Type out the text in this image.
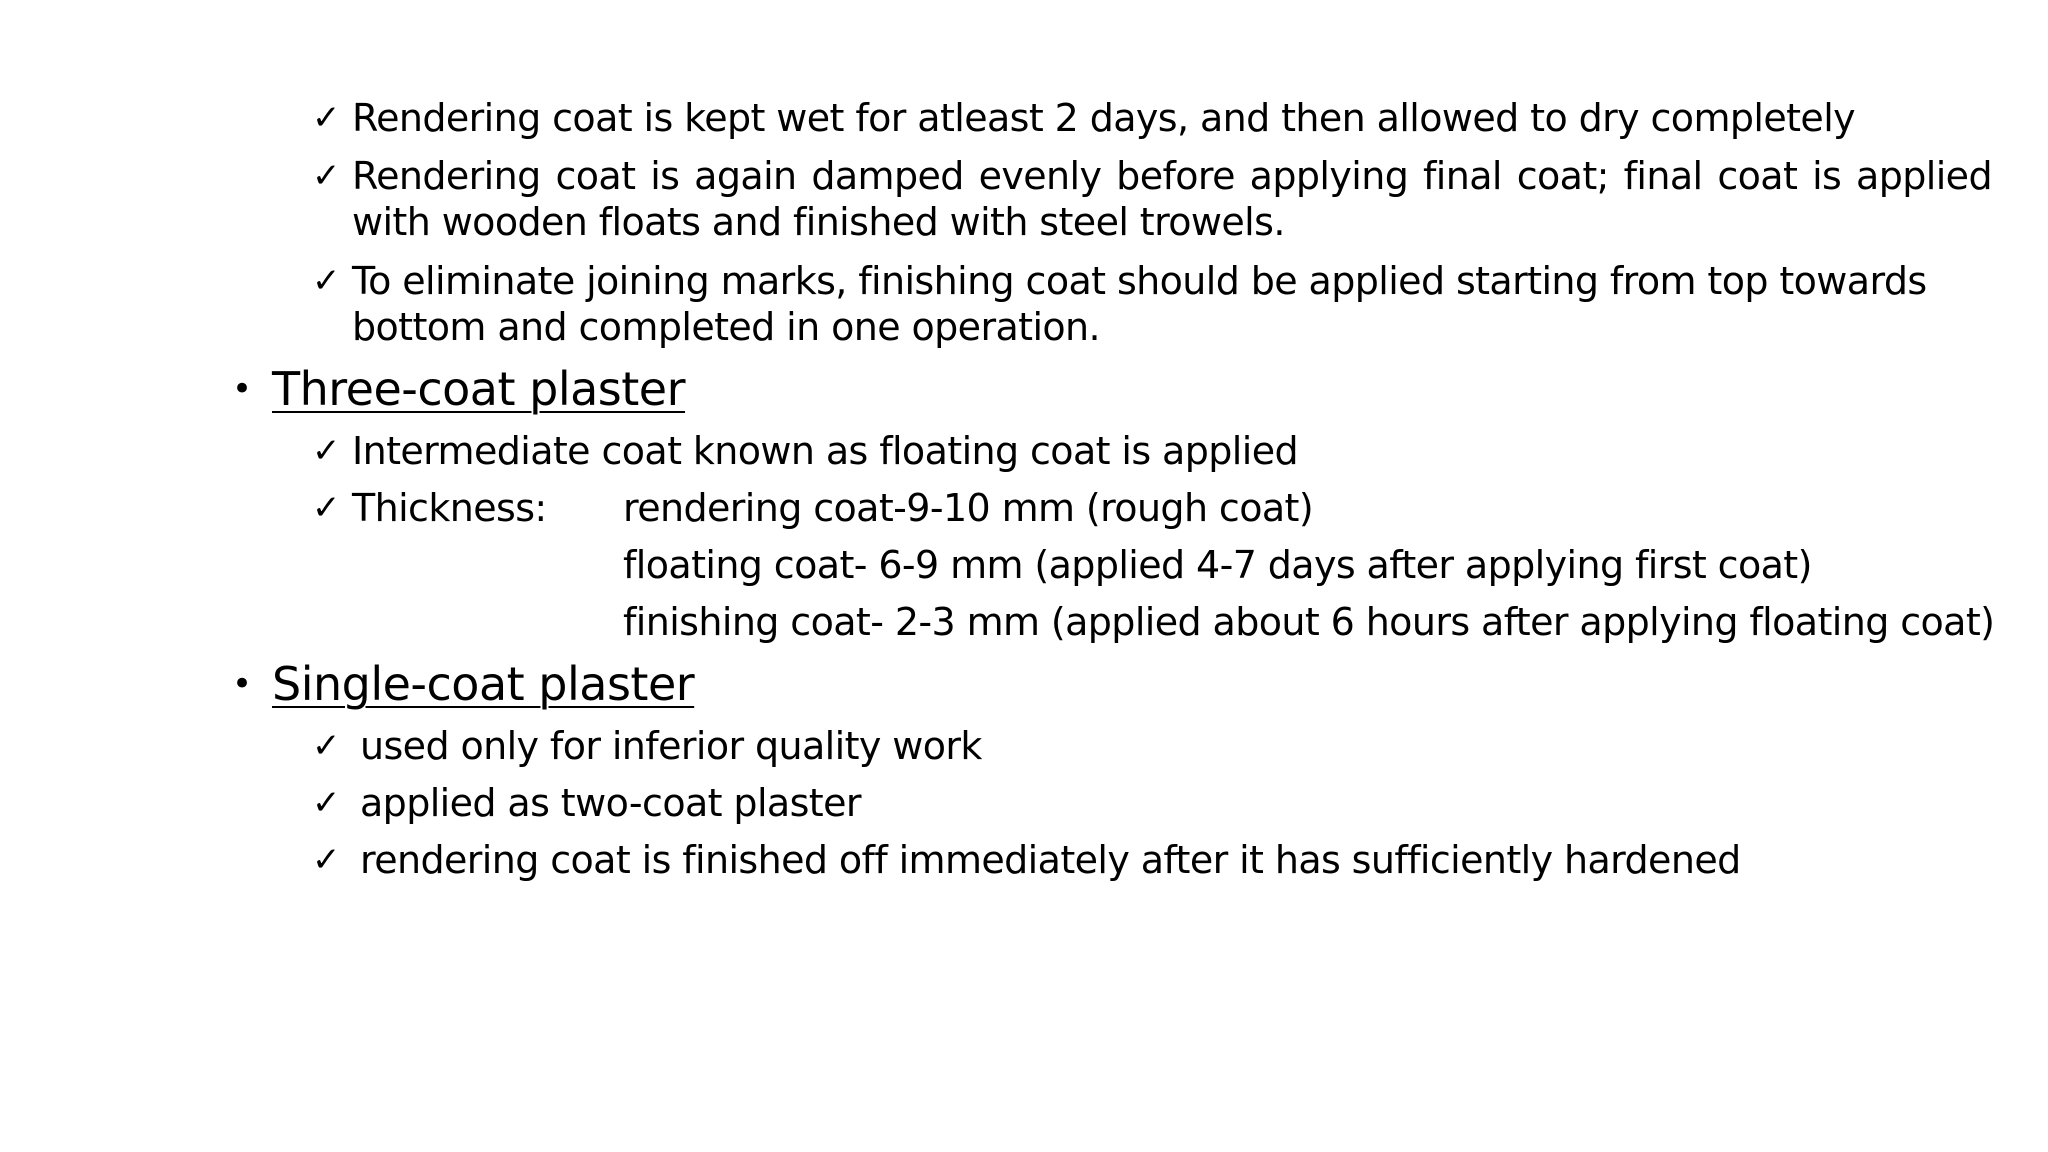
✓ Rendering coat is kept wet for atleast 2 days, and then allowed to dry completely
✓ Rendering coat is again damped evenly before applying final coat; final coat is applied with wooden floats and finished with steel trowels.
✓ To eliminate joining marks, finishing coat should be applied starting from top towards bottom and completed in one operation.
• Three-coat plaster
✓ Intermediate coat known as floating coat is applied
✓ Thickness: rendering coat-9-10 mm (rough coat)
floating coat- 6-9 mm (applied 4-7 days after applying first coat)
finishing coat- 2-3 mm (applied about 6 hours after applying floating coat)
• Single-coat plaster
✓ used only for inferior quality work
✓ applied as two-coat plaster
✓ rendering coat is finished off immediately after it has sufficiently hardened
